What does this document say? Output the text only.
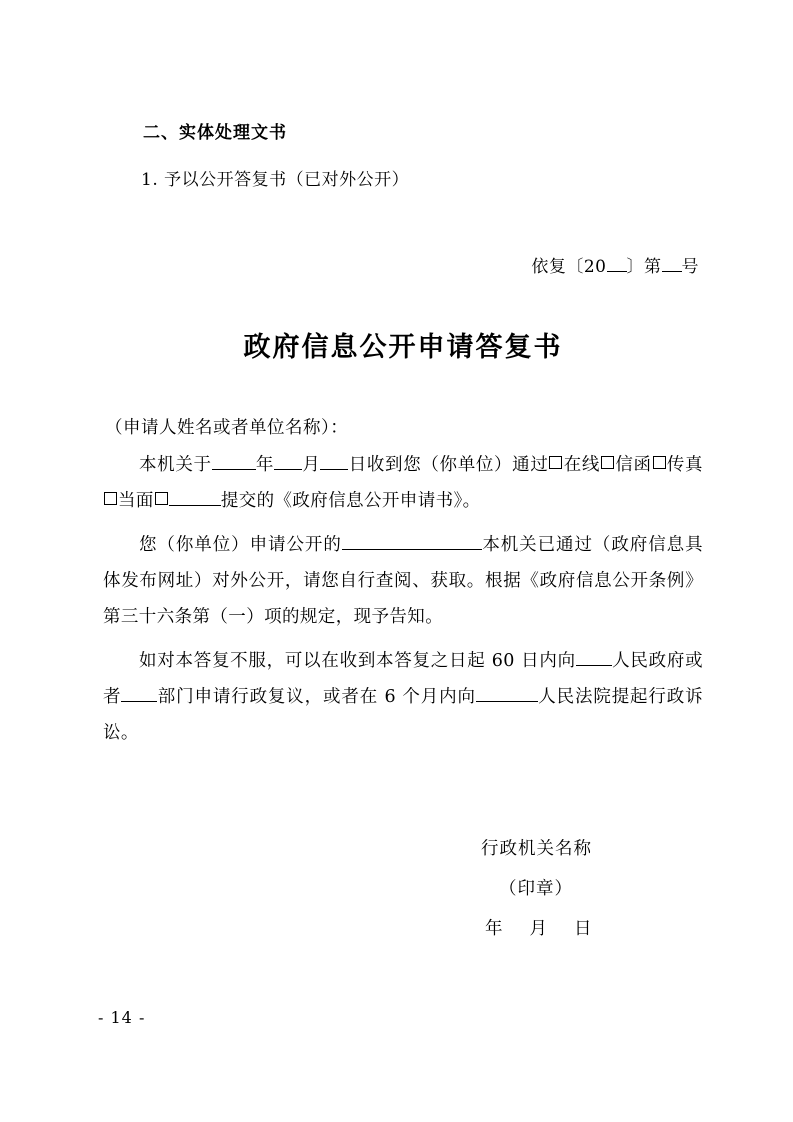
二、实体处理文书
1. 予以公开答复书（已对外公开）
依复〔20 〕第 号
政府信息公开申请答复书
（申请人姓名或者单位名称）：
本机关于	年 月 日收到您（你单位）通过 在线 信函 传真 当面	提交的《政府信息公开申请书》。
您（你单位）申请公开的	本机关已通过（政府信息具体发布网址）对外公开，请您自行查阅、获取。根据《政府信息公开条例》第三十六条第（一）项的规定，现予告知。
如对本答复不服，可以在收到本答复之日起 60 日内向 人民政府或者 部门申请行政复议，或者在 6 个月内向	人民法院提起行政诉讼。
行政机关名称
（印章）
年 月 日
- 14 -
